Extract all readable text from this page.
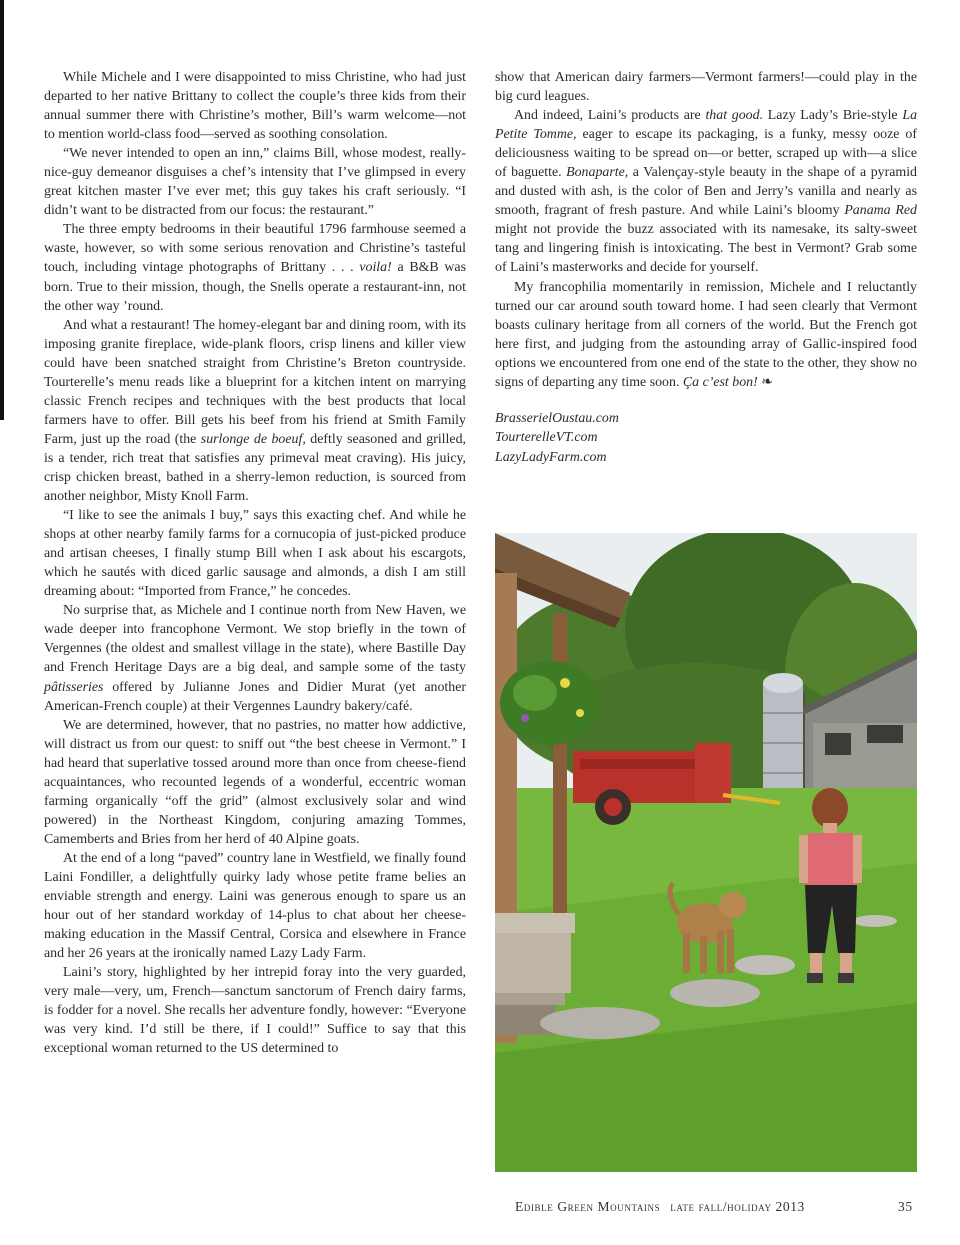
While Michele and I were disappointed to miss Christine, who had just departed to her native Brittany to collect the couple’s three kids from their annual summer there with Christine’s mother, Bill’s warm welcome—not to mention world-class food—served as soothing consolation.

“We never intended to open an inn,” claims Bill, whose modest, really-nice-guy demeanor disguises a chef’s intensity that I’ve glimpsed in every great kitchen master I’ve ever met; this guy takes his craft seriously. “I didn’t want to be distracted from our focus: the restaurant.”

The three empty bedrooms in their beautiful 1796 farmhouse seemed a waste, however, so with some serious renovation and Christine’s tasteful touch, including vintage photographs of Brittany . . . voila! a B&B was born. True to their mission, though, the Snells operate a restaurant-inn, not the other way ’round.

And what a restaurant! The homey-elegant bar and dining room, with its imposing granite fireplace, wide-plank floors, crisp linens and killer view could have been snatched straight from Christine’s Breton countryside. Tourterelle’s menu reads like a blueprint for a kitchen intent on marrying classic French recipes and techniques with the best products that local farmers have to offer. Bill gets his beef from his friend at Smith Family Farm, just up the road (the surlonge de boeuf, deftly seasoned and grilled, is a tender, rich treat that satisfies any primeval meat craving). His juicy, crisp chicken breast, bathed in a sherry-lemon reduction, is sourced from another neighbor, Misty Knoll Farm.

“I like to see the animals I buy,” says this exacting chef. And while he shops at other nearby family farms for a cornucopia of just-picked produce and artisan cheeses, I finally stump Bill when I ask about his escargots, which he sautés with diced garlic sausage and almonds, a dish I am still dreaming about: “Imported from France,” he concedes.

No surprise that, as Michele and I continue north from New Haven, we wade deeper into francophone Vermont. We stop briefly in the town of Vergennes (the oldest and smallest village in the state), where Bastille Day and French Heritage Days are a big deal, and sample some of the tasty pâtisseries offered by Julianne Jones and Didier Murat (yet another American-French couple) at their Vergennes Laundry bakery/café.

We are determined, however, that no pastries, no matter how addictive, will distract us from our quest: to sniff out “the best cheese in Vermont.” I had heard that superlative tossed around more than once from cheese-fiend acquaintances, who recounted legends of a wonderful, eccentric woman farming organically “off the grid” (almost exclusively solar and wind powered) in the Northeast Kingdom, conjuring amazing Tommes, Camemberts and Bries from her herd of 40 Alpine goats.

At the end of a long “paved” country lane in Westfield, we finally found Laini Fondiller, a delightfully quirky lady whose petite frame belies an enviable strength and energy. Laini was generous enough to spare us an hour out of her standard workday of 14-plus to chat about her cheese-making education in the Massif Central, Corsica and elsewhere in France and her 26 years at the ironically named Lazy Lady Farm.

Laini’s story, highlighted by her intrepid foray into the very guarded, very male—very, um, French—sanctum sanctorum of French dairy farms, is fodder for a novel. She recalls her adventure fondly, however: “Everyone was very kind. I’d still be there, if I could!” Suffice to say that this exceptional woman returned to the US determined to

show that American dairy farmers—Vermont farmers!—could play in the big curd leagues.

And indeed, Laini’s products are that good. Lazy Lady’s Brie-style La Petite Tomme, eager to escape its packaging, is a funky, messy ooze of deliciousness waiting to be spread on—or better, scraped up with—a slice of baguette. Bonaparte, a Valençay-style beauty in the shape of a pyramid and dusted with ash, is the color of Ben and Jerry’s vanilla and nearly as smooth, fragrant of fresh pasture. And while Laini’s bloomy Panama Red might not provide the buzz associated with its namesake, its salty-sweet tang and lingering finish is intoxicating. The best in Vermont? Grab some of Laini’s masterworks and decide for yourself.

My francophilia momentarily in remission, Michele and I reluctantly turned our car around south toward home. I had seen clearly that Vermont boasts culinary heritage from all corners of the world. But the French got here first, and judging from the astounding array of Gallic-inspired food options we encountered from one end of the state to the other, they show no signs of departing any time soon. Ça c’est bon! ❧

BrasserielOustau.com
TourterelleVT.com
LazyLadyFarm.com
Edible Green Mountains late fall/holiday 2013	35
